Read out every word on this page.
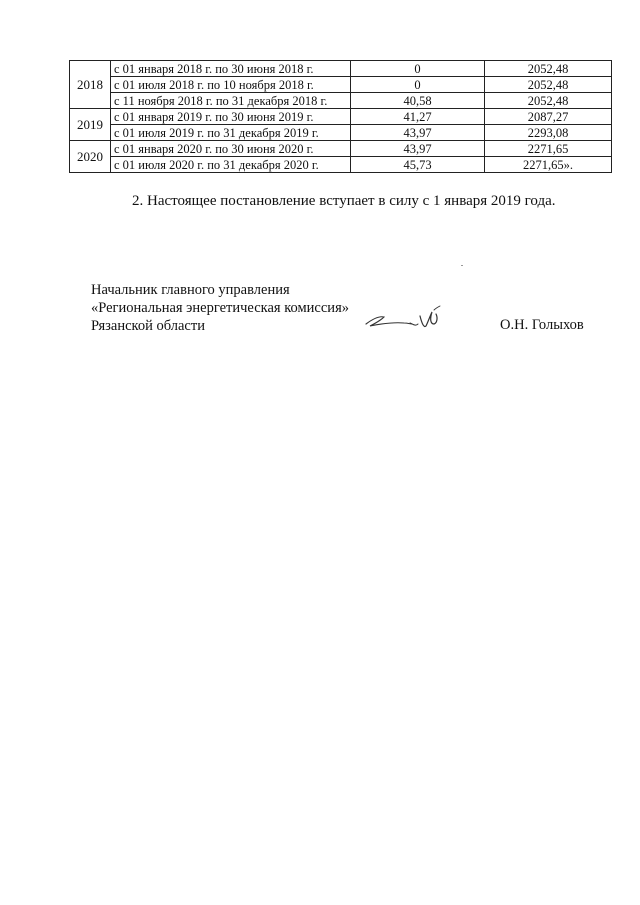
2018	с 01 января 2018 г. по 30 июня 2018 г.	0	2052,48
	с 01 июля 2018 г. по 10 ноября 2018 г.	0	2052,48
	с 11 ноября 2018 г. по 31 декабря 2018 г.	40,58	2052,48
2019	с 01 января 2019 г. по 30 июня 2019 г.	41,27	2087,27
	с 01 июля 2019 г. по 31 декабря 2019 г.	43,97	2293,08
2020	с 01 января 2020 г. по 30 июня 2020 г.	43,97	2271,65
	с 01 июля 2020 г. по 31 декабря 2020 г.	45,73	2271,65».
2. Настоящее постановление вступает в силу с 1 января 2019 года.
Начальник главного управления
«Региональная энергетическая комиссия»
Рязанской области	О.Н. Голыхов
